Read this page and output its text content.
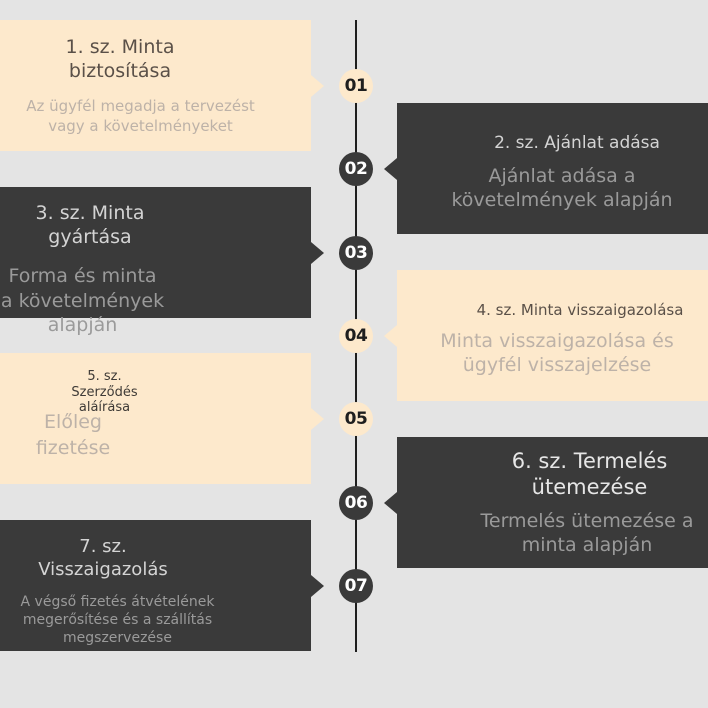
1. sz. Minta biztosítása
Az ügyfél megadja a tervezést vagy a követelményeket
01
2. sz. Ajánlat adása
Ajánlat adása a követelmények alapján
02
3. sz. Minta gyártása
Forma és minta a követelmények alapján
03
4. sz. Minta visszaigazolása
Minta visszaigazolása és ügyfél visszajelzése
04
5. sz. Szerződés aláírása
Előleg fizetése
05
6. sz. Termelés ütemezése
Termelés ütemezése a minta alapján
06
7. sz. Visszaigazolás
A végső fizetés átvételének megerősítése és a szállítás megszervezése
07
